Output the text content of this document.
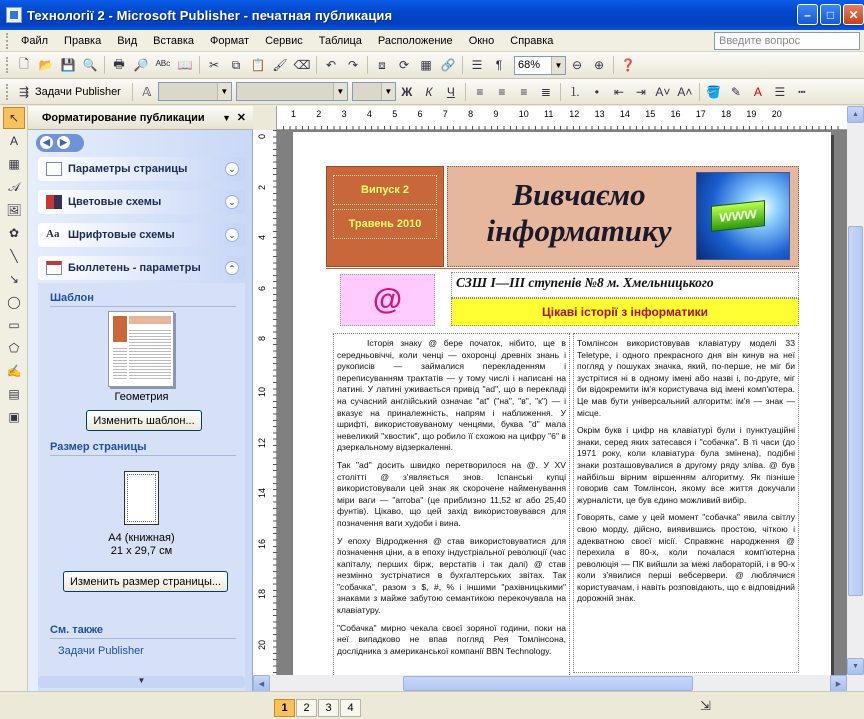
Технології 2 - Microsoft Publisher - печатная публикация	–	□	✕
Файл	Правка	Вид	Вставка	Формат	Сервис	Таблица	Расположение	Окно	Справка	Введите вопрос
🗋 📂 💾 🔍	🖶 🔎 ᴬᴮᶜ 📖	✂	⧉ 📋 🖌 ⌫	↶ ↷	⧈	⟳ ▦ 🔗	☰	¶	68%	▼ ⊖ ⊕	❓
⇶ Задачи Publisher	𝔸	▼	▼	▼ Ж	К	Ч	≡	≡	≡	≣	⒈	•	⇤ ⇥ A˅ A˄ 🪣 ✎	A	☰	┅
↖
A
▦
𝒜
🖼
✿
╲
↘
◯
▭
⬠
✍
▤
▣
Форматирование публикации ▼ ✕
◀	▶
Параметры страницы	⌄
Цветовые схемы	⌄
Aa Шрифтовые схемы	⌄
Бюллетень - параметры	⌃
Шаблон
Геометрия
Изменить шаблон...
Размер страницы
А4 (книжная)
21 x 29,7 см
Изменить размер страницы...
См. также
Задачи Publisher
▼
1 2 3 4 5 6 7 8 9 10 11 12 13 14 15 16 17 18 19 20
0
2
4
6
8
10
12
14
16
18
20
Випуск 2
Травень 2010
Вивчаємо
інформатику	www
@
СЗШ І—ІІІ ступенів №8 м. Хмельницького
Цікаві історії з інформатики

Історія знаку @ бере початок, нібито, ще в середньовіччі, коли ченці — охоронці древніх знань і рукописів — займалися перекладенням і переписуванням трактатів — у тому числі і написані на латині. У латині уживається привід "ad", що в перекладі на сучасний англійський означає "at" ("на", "в", "к") — і вказує на приналежність, напрям і наближення. У шрифті, використовуваному ченцями, буква "d" мала невеликий "хвостик", що робило її схожою на цифру "6" в дзеркальному відзеркаленні.

Так "ad" досить швидко перетворилося на @. У XV столітті @ з'являється знов. Іспанські купці використовували цей знак як скорочене найменування міри ваги — "arroba" (це приблизно 11,52 кг або 25,40 фунтів). Цікаво, що цей захід використовувався для позначення ваги худоби і вина.

У епоху Відродження @ став використовуватися для позначення ціни, а в епоху індустріальної революції (час капіталу, перших бірж, верстатів і так далі) @ став незмінно зустрічатися в бухгалтерських звітах. Так "собачка", разом з $, #, % і іншими "рахівницькими" знаками з майже забутою семантикою перекочувала на клавіатуру.

"Собачка" мирно чекала своєї зоряної години, поки на неї випадково не впав погляд Рея Томлінсона, дослідника з американської компанії BBN Technology.

Томлінсон використовував клавіатуру моделі 33 Teletype, і одного прекрасного дня він кинув на неї погляд у пошуках значка, який, по-перше, не міг би зустрітися ні в одному імені або назві і, по-друге, міг би відокремити ім'я користувача від імені комп'ютера. Це мав бути універсальний алгоритм: ім'я — знак — місце.

Окрім букв і цифр на клавіатурі були і пунктуаційні знаки, серед яких затесався і "собачка". В ті часи (до 1971 року, коли клавіатура була змінена), подібні знаки розташовувалися в другому ряду зліва. @ був найбільш вірним віршенням алгоритму. Як пізніше говорив сам Томлінсон, якому все життя докучали журналісти, це був єдино можливий вибір.

Говорять, саме у цей момент "собачка" явила світлу свою морду, дійсно, виявившись простою, чіткою і адекватною своєї місії. Справжнє народження @ перехила в 80-х, коли почалася комп'ютерна революція — ПК вийшли за межі лабораторій, і в 90-х коли з'явилися перші вебсервери. @ люблячися користувачам, і навіть розповідають, що є відповідний дорожній знак.

▲
▼
◀	▶
1	2	3	4	⇲
